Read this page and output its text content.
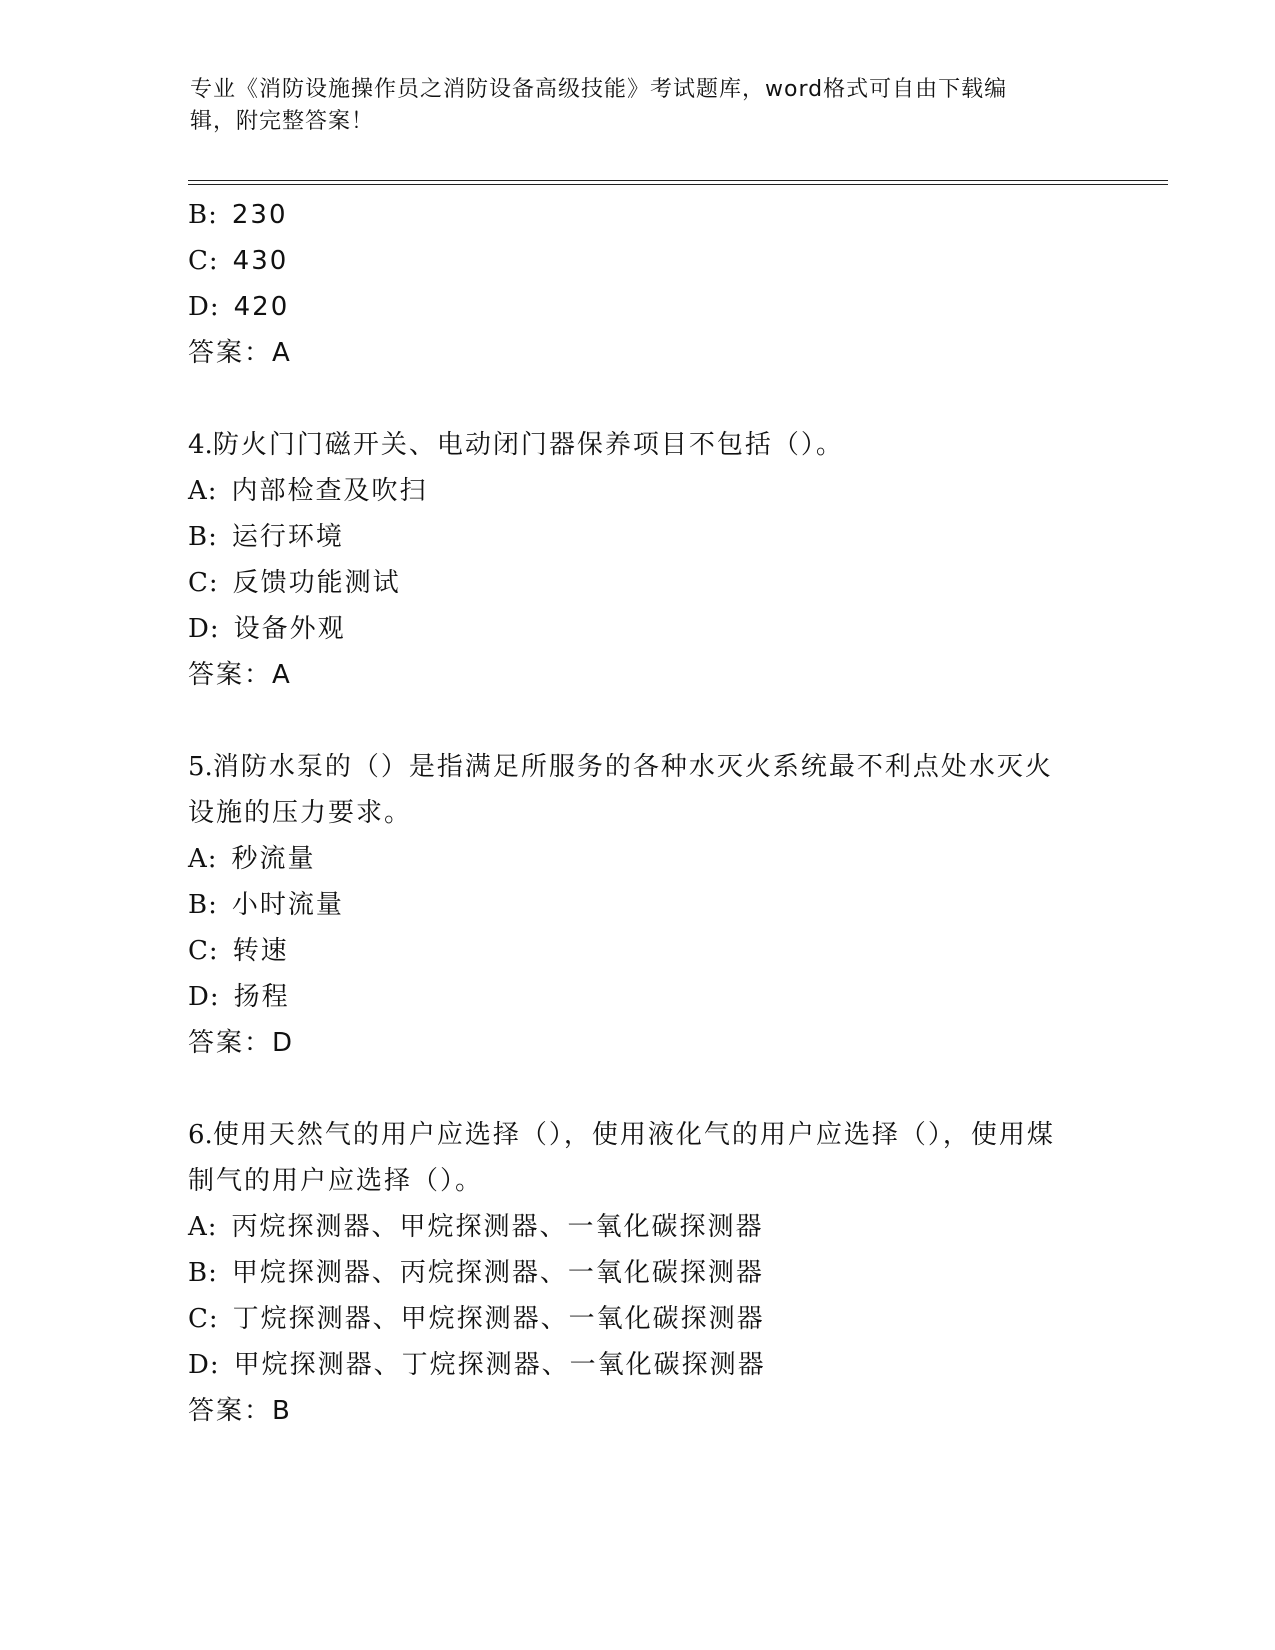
专业《消防设施操作员之消防设备高级技能》考试题库，word格式可自由下载编
辑，附完整答案！
B: 230
C: 430
D: 420
答案：A
4.防火门门磁开关、电动闭门器保养项目不包括（）。
A: 内部检查及吹扫
B: 运行环境
C: 反馈功能测试
D: 设备外观
答案：A
5.消防水泵的（）是指满足所服务的各种水灭火系统最不利点处水灭火设施的压力要求。
A: 秒流量
B: 小时流量
C: 转速
D: 扬程
答案：D
6.使用天然气的用户应选择（），使用液化气的用户应选择（），使用煤制气的用户应选择（）。
A: 丙烷探测器、甲烷探测器、一氧化碳探测器
B: 甲烷探测器、丙烷探测器、一氧化碳探测器
C: 丁烷探测器、甲烷探测器、一氧化碳探测器
D: 甲烷探测器、丁烷探测器、一氧化碳探测器
答案：B
